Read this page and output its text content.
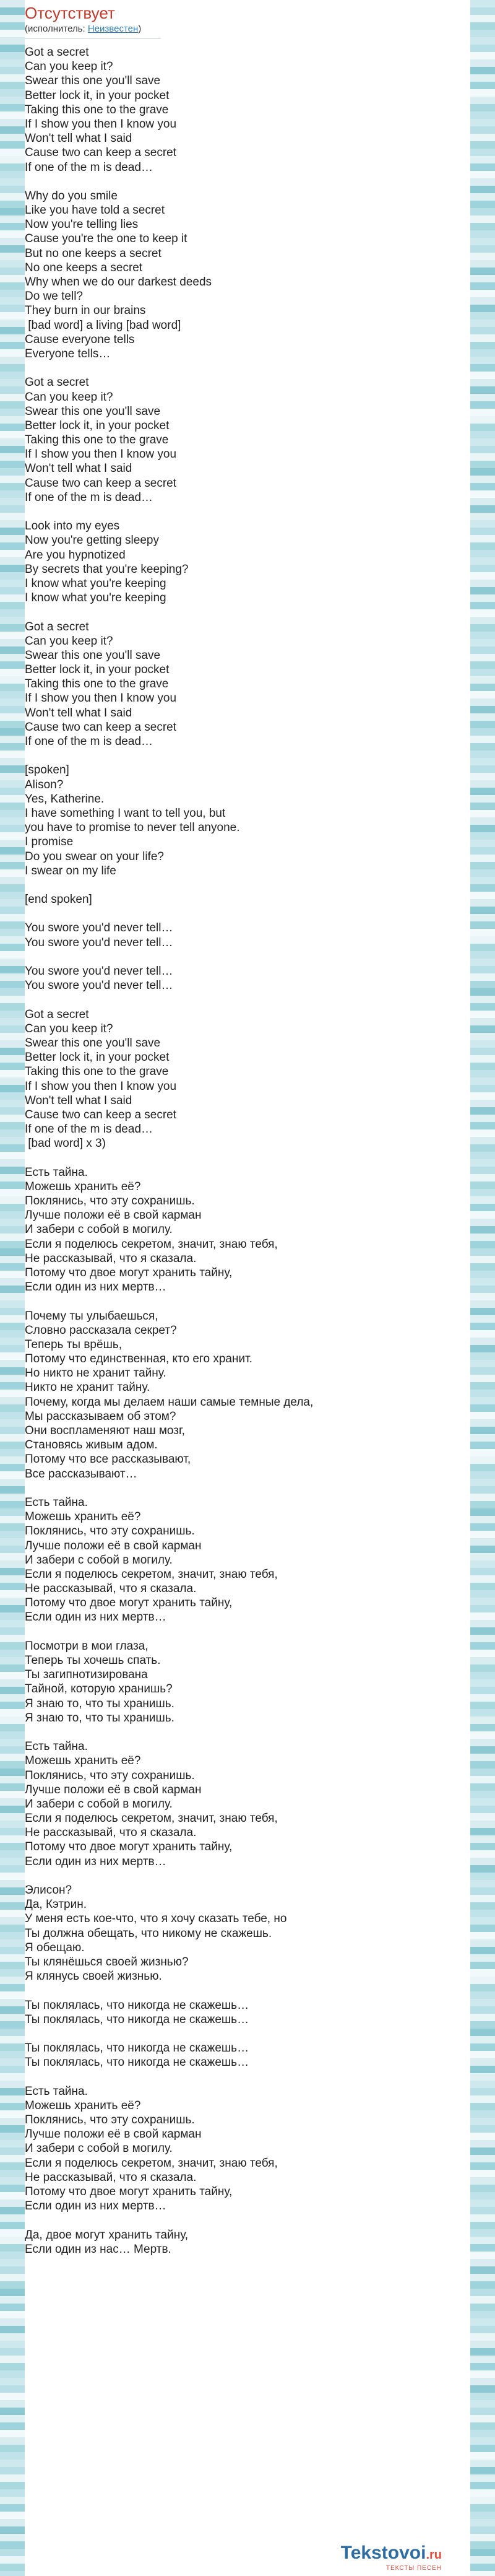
Отсутствует
(исполнитель: Неизвестен)
Got a secret
Can you keep it?
Swear this one you'll save
Better lock it, in your pocket
Taking this one to the grave
If I show you then I know you
Won't tell what I said
Cause two can keep a secret
If one of the m is dead…
Why do you smile
Like you have told a secret
Now you're telling lies
Cause you're the one to keep it
But no one keeps a secret
No one keeps a secret
Why when we do our darkest deeds
Do we tell?
They burn in our brains
[bad word] a living [bad word]
Cause everyone tells
Everyone tells…
Got a secret
Can you keep it?
Swear this one you'll save
Better lock it, in your pocket
Taking this one to the grave
If I show you then I know you
Won't tell what I said
Cause two can keep a secret
If one of the m is dead…
Look into my eyes
Now you're getting sleepy
Are you hypnotized
By secrets that you're keeping?
I know what you're keeping
I know what you're keeping
Got a secret
Can you keep it?
Swear this one you'll save
Better lock it, in your pocket
Taking this one to the grave
If I show you then I know you
Won't tell what I said
Cause two can keep a secret
If one of the m is dead…
[spoken]
Alison?
Yes, Katherine.
I have something I want to tell you, but
you have to promise to never tell anyone.
I promise
Do you swear on your life?
I swear on my life
[end spoken]
You swore you'd never tell…
You swore you'd never tell…
You swore you'd never tell…
You swore you'd never tell…
Got a secret
Can you keep it?
Swear this one you'll save
Better lock it, in your pocket
Taking this one to the grave
If I show you then I know you
Won't tell what I said
Cause two can keep a secret
If one of the m is dead…
[bad word] x 3)
Есть тайна.
Можешь хранить её?
Поклянись, что эту сохранишь.
Лучше положи её в свой карман
И забери с собой в могилу.
Если я поделюсь секретом, значит, знаю тебя,
Не рассказывай, что я сказала.
Потому что двое могут хранить тайну,
Если один из них мертв…
Почему ты улыбаешься,
Словно рассказала секрет?
Теперь ты врёшь,
Потому что единственная, кто его хранит.
Но никто не хранит тайну.
Никто не хранит тайну.
Почему, когда мы делаем наши самые темные дела,
Мы рассказываем об этом?
Они воспламеняют наш мозг,
Становясь живым адом.
Потому что все рассказывают,
Все рассказывают…
Есть тайна.
Можешь хранить её?
Поклянись, что эту сохранишь.
Лучше положи её в свой карман
И забери с собой в могилу.
Если я поделюсь секретом, значит, знаю тебя,
Не рассказывай, что я сказала.
Потому что двое могут хранить тайну,
Если один из них мертв…
Посмотри в мои глаза,
Теперь ты хочешь спать.
Ты загипнотизирована
Тайной, которую хранишь?
Я знаю то, что ты хранишь.
Я знаю то, что ты хранишь.
Есть тайна.
Можешь хранить её?
Поклянись, что эту сохранишь.
Лучше положи её в свой карман
И забери с собой в могилу.
Если я поделюсь секретом, значит, знаю тебя,
Не рассказывай, что я сказала.
Потому что двое могут хранить тайну,
Если один из них мертв…
Элисон?
Да, Кэтрин.
У меня есть кое-что, что я хочу сказать тебе, но
Ты должна обещать, что никому не скажешь.
Я обещаю.
Ты клянёшься своей жизнью?
Я клянусь своей жизнью.
Ты поклялась, что никогда не скажешь…
Ты поклялась, что никогда не скажешь…
Ты поклялась, что никогда не скажешь…
Ты поклялась, что никогда не скажешь…
Есть тайна.
Можешь хранить её?
Поклянись, что эту сохранишь.
Лучше положи её в свой карман
И забери с собой в могилу.
Если я поделюсь секретом, значит, знаю тебя,
Не рассказывай, что я сказала.
Потому что двое могут хранить тайну,
Если один из них мертв…
Да, двое могут хранить тайну,
Если один из нас… Мертв.
Tekstovoi.ru
ТЕКСТЫ ПЕСЕН
